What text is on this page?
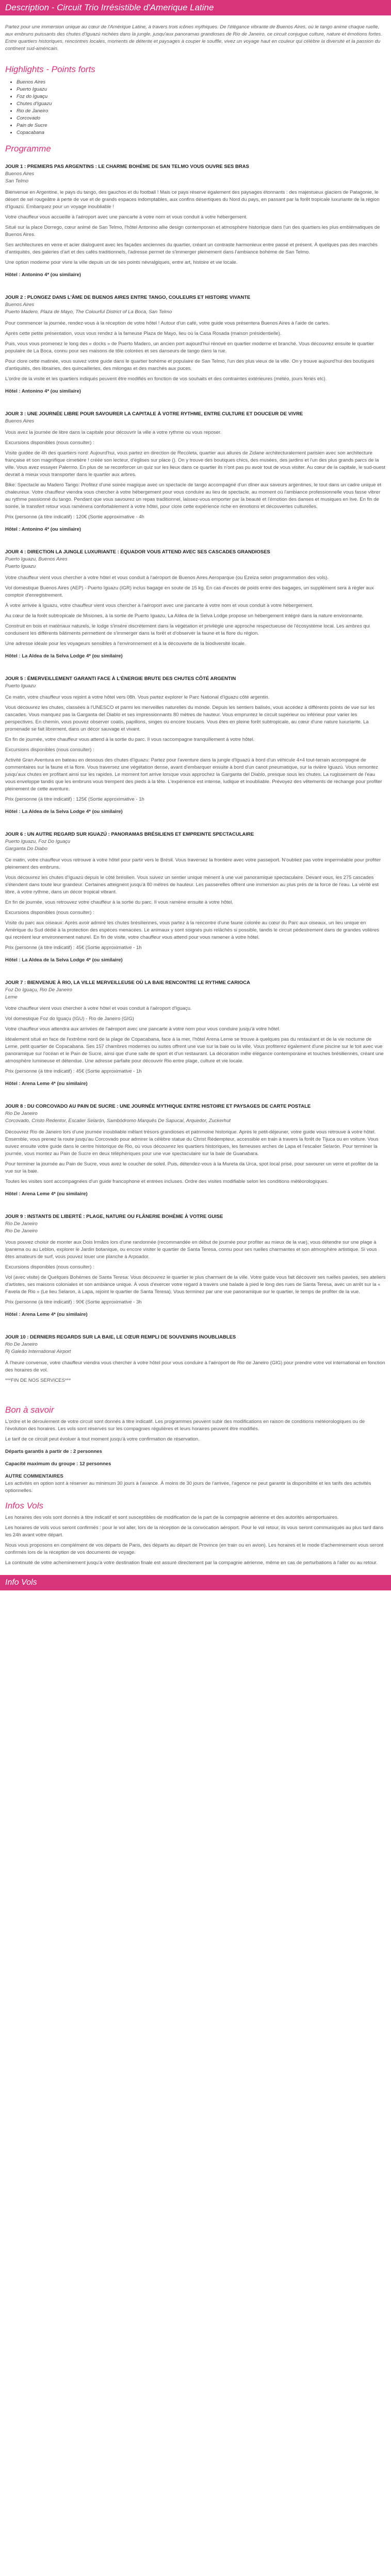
Description - Circuit Trio Irrésistible d'Amerique Latine

Partez pour une immersion unique au cœur de l'Amérique Latine, à travers trois icônes mythiques. De l'élégance vibrante de Buenos Aires, où le tango anime chaque ruelle, aux embruns puissants des chutes d'Iguazú nichées dans la jungle, jusqu'aux panoramas grandioses de Rio de Janeiro, ce circuit conjugue culture, nature et émotions fortes. Entre quartiers historiques, rencontres locales, moments de détente et paysages à couper le souffle, vivez un voyage haut en couleur qui célèbre la diversité et la passion du continent sud-américain.

Highlights - Points forts
• Buenos Aires
• Puerto Iguazu
• Foz do Iguaçu
• Chutes d'Iguazu
• Rio de Janeiro
• Corcovado
• Pain de Sucre
• Copacabana
Programme
JOUR 1 : PREMIERS PAS ARGENTINS : LE CHARME BOHÈME DE SAN TELMO VOUS OUVRE SES BRAS

Buenos Aires

San Telmo

Bienvenue en Argentine, le pays du tango, des gauchos et du football ! Mais ce pays réserve également des paysages étonnants : des majestueux glaciers de Patagonie, le désert de sel rougeâtre à perte de vue et de grands espaces indomptables, aux confins désertiques du Nord du pays, en passant par la forêt tropicale luxuriante de la région d'Iguazú. Embarquez pour un voyage inoubliable !

Votre chauffeur vous accueille à l'aéroport avec une pancarte à votre nom et vous conduit à votre hébergement.

Situé sur la place Dorrego, cœur animé de San Telmo, l'hôtel Antonino allie design contemporain et atmosphère historique dans l'un des quartiers les plus emblématiques de Buenos Aires.

Ses architectures en verre et acier dialoguent avec les façades anciennes du quartier, créant un contraste harmonieux entre passé et présent. À quelques pas des marchés d'antiquités, des galeries d'art et des cafés traditionnels, l'adresse permet de s'immerger pleinement dans l'ambiance bohème de San Telmo.

Une option moderne pour vivre la ville depuis un de ses points névralgiques, entre art, histoire et vie locale.

Hôtel : Antonino 4* (ou similaire)
JOUR 2 : PLONGEZ DANS L'ÂME DE BUENOS AIRES ENTRE TANGO, COULEURS ET HISTOIRE VIVANTE

Buenos Aires

Puerto Madero, Plaza de Mayo, The Colourful District of La Boca, San Telmo

Pour commencer la journée, rendez-vous à la réception de votre hôtel ! Autour d'un café, votre guide vous présentera Buenos Aires à l'aide de cartes.

Après cette petite présentation, vous vous rendez à la fameuse Plaza de Mayo, lieu où la Casa Rosada (maison présidentielle).

Puis, vous vous promenez le long des « docks » de Puerto Madero, un ancien port aujourd'hui rénové en quartier moderne et branché. Vous découvrez ensuite le quartier populaire de La Boca, connu pour ses maisons de tôle colorées et ses danseurs de tango dans la rue.

Pour clore cette matinée, vous suivez votre guide dans le quartier bohème et populaire de San Telmo, l'un des plus vieux de la ville. On y trouve aujourd'hui des boutiques d'antiquités, des librairies, des quincailleries, des milongas et des marchés aux puces.

L'ordre de la visite et les quartiers indiqués peuvent être modifiés en fonction de vos souhaits et des contraintes extérieures (météo, jours fériés etc).

Hôtel : Antonino 4* (ou similaire)
JOUR 3 : UNE JOURNÉE LIBRE POUR SAVOURER LA CAPITALE À VOTRE RYTHME, ENTRE CULTURE ET DOUCEUR DE VIVRE

Buenos Aires

Vous avez la journée de libre dans la capitale pour découvrir la ville à votre rythme ou vous reposer.

Excursions disponibles (nous consulter) :

Visite guidée de 4h des quartiers nord: Aujourd'hui, vous partez en direction de Recoleta, quartier aux allures de Zidane architecturalement parisien avec son architecture française et son magnifique cimetière ! créée son lecteur, d'églises sur place (). On y trouve des boutiques chics, des musées, des jardins et l'un des plus grands parcs de la ville. Vous avez essayer Palermo. En plus de se reconforcer un quiz sur les lieux dans ce quartier ils n'ont pas pu avoir tout de vous visiter. Au cœur de la capitale, le sud-ouest devrait à mieux vous transporter dans le quartier aux arbres.

Bike: Spectacle au Madero Tango: Profitez d'une soirée magique avec un spectacle de tango accompagné d'un dîner aux saveurs argentines, le tout dans un cadre unique et chaleureux. Votre chauffeur viendra vous chercher à votre hébergement pour vous conduire au lieu de spectacle, au moment où l'ambiance professionnelle vous fasse vibrer au rythme passionné du tango. Pendant que vous savourez un repas traditionnel, laissez-vous emporter par la beauté et l'émotion des danses et musiques en live. En fin de soirée, le transfert retour vous ramènera confortablement à votre hôtel, pour clore cette expérience riche en émotions et découvertes culturelles.

Prix (personne (à titre indicatif) : 120€ (Sortie approximative - 4h

Hôtel : Antonino 4* (ou similaire)
JOUR 4 : DIRECTION LA JUNGLE LUXURIANTE : ÉQUADOR VOUS ATTEND AVEC SES CASCADES GRANDIOSES

Puerto Iguazu, Buenos Aires

Puerto Iguazu

Votre chauffeur vient vous chercher à votre hôtel et vous conduit à l'aéroport de Buenos Aires Aeroparque (ou Ezeiza selon programmation des vols).

Vol domestique Buenos Aires (AEP) - Puerto Iguazu (IGR) inclus bagage en soute de 15 kg. En cas d'excès de poids entre des bagages, un supplément sera à régler aux comptoir d'enregistrement.

À votre arrivée à Iguazu, votre chauffeur vient vous chercher à l'aéroport avec une pancarte à votre nom et vous conduit à votre hébergement.

Au cœur de la forêt subtropicale de Misiones, à la sortie de Puerto Iguazu, La Aldea de la Selva Lodge propose un hébergement intégré dans la nature environnante.

Construit en bois et matériaux naturels, le lodge s'insère discrètement dans la végétation et privilégie une approche respectueuse de l'écosystème local. Les ambres qui conduisent les différents bâtiments permettent de s'immerger dans la forêt et d'observer la faune et la flore du région.

Une adresse idéale pour les voyageurs sensibles à l'environnement et à la découverte de la biodiversité locale.

Hôtel : La Aldea de la Selva Lodge 4* (ou similaire)
JOUR 5 : ÉMERVEILLEMENT GARANTI FACE À L'ÉNERGIE BRUTE DES CHUTES CÔTÉ ARGENTIN

Puerto Iguazu

Ce matin, votre chauffeur vous rejoint à votre hôtel vers 08h. Vous partez explorer le Parc National d'Iguazu côté argentin.

Vous découvrez les chutes, classées à l'UNESCO et parmi les merveilles naturelles du monde. Depuis les sentiers balisés, vous accédez à différents points de vue sur les cascades. Vous manquez pas la Garganta del Diablo et ses impressionnants 80 mètres de hauteur. Vous empruntez le circuit supérieur ou inférieur pour varier les perspectives. En chemin, vous pouvez observer coatis, papillons, singes ou encore toucans. Vous êtes en pleine forêt subtropicale, au cœur d'une nature luxuriante. La promenade se fait librement, dans un décor sauvage et vivant.

En fin de journée, votre chauffeur vous attend à la sortie du parc. Il vous raccompagne tranquillement à votre hôtel.

Excursions disponibles (nous consulter) :

Activité Gran Aventura en bateau en dessous des chutes d'Iguazu: Partez pour l'aventure dans la jungle d'Iguazú à bord d'un véhicule 4×4 tout-terrain accompagné de commentaires sur la faune et la flore. Vous traversez une végétation dense, avant d'embarquer ensuite à bord d'un canot pneumatique, sur la rivière Iguazú. Vous remontez jusqu'aux chutes en profitant ainsi sur les rapides. Le moment fort arrive lorsque vous approchez la Garganta del Diablo, presque sous les chutes. La rugissement de l'eau vous enveloppe tandis que les embruns vous trempent des pieds à la tête. L'expérience est intense, ludique et inoubliable. Prévoyez des vêtements de rechange pour profiter pleinement de cette aventure.

Prix (personne (à titre indicatif) : 125€ (Sortie approximative - 1h

Hôtel : La Aldea de la Selva Lodge 4* (ou similaire)
JOUR 6 : UN AUTRE REGARD SUR IGUAZÚ : PANORAMAS BRÉSILIENS ET EMPREINTE SPECTACULAIRE

Puerto Iguazu, Foz Do Iguaçu

Garganta Do Diabo

Ce matin, votre chauffeur vous retrouve à votre hôtel pour partir vers le Brésil. Vous traversez la frontière avec votre passeport. N'oubliez pas votre imperméable pour profiter pleinement des embruns.

Vous découvrez les chutes d'Iguazú depuis le côté brésilien. Vous suivez un sentier unique mènent à une vue panoramique spectaculaire. Devant vous, les 275 cascades s'étendent dans toute leur grandeur. Certaines atteignent jusqu'à 80 mètres de hauteur. Les passerelles offrent une immersion au plus près de la force de l'eau. La vérité est libre, à votre rythme, dans un décor tropical vibrant.

En fin de journée, vous retrouvez votre chauffeur à la sortie du parc. Il vous ramène ensuite à votre hôtel.

Excursions disponibles (nous consulter) :

Visite du parc aux oiseaux: Après avoir admiré les chutes brésiliennes, vous partez à la rencontre d'une faune colorée au cœur du Parc aux oiseaux, un lieu unique en Amérique du Sud dédié à la protection des espèces menacées. Le animaux y sont soignés puis relâchés si possible, tandis le circuit pédestrement dans de grandes volières qui recréent leur environnement naturel. En fin de visite, votre chauffeur vous attend pour vous ramener à votre hôtel.

Prix (personne (à titre indicatif) : 45€ (Sortie approximative - 1h

Hôtel : La Aldea de la Selva Lodge 4* (ou similaire)
JOUR 7 : BIENVENUE À RIO, LA VILLE MERVEILLEUSE OÙ LA BAIE RENCONTRE LE RYTHME CARIOCA

Foz Do Iguaçu, Rio De Janeiro

Leme

Votre chauffeur vient vous chercher à votre hôtel et vous conduit à l'aéroport d'Iguaçu.

Vol domestique Foz do Iguaçu (IGU) - Rio de Janeiro (GIG)

Votre chauffeur vous attendra aux arrivées de l'aéroport avec une pancarte à votre nom pour vous conduire jusqu'à votre hôtel.

Idéalement situé en face de l'extrême nord de la plage de Copacabana, face à la mer, l'hôtel Arena Leme se trouve à quelques pas du restaurant et de la vie nocturne de Leme, petit quartier de Copacabana. Ses 157 chambres modernes ou suites offrent une vue sur la baie ou la ville. Vous profiterez également d'une piscine sur le toit avec vue panoramique sur l'océan et le Pain de Sucre, ainsi que d'une salle de sport et d'un restaurant. La décoration mêle élégance contemporaine et touches brésiliennes, créant une atmosphère lumineuse et détendue. Une adresse parfaite pour découvrir Rio entre plage, culture et vie locale.

Prix (personne (à titre indicatif) : 45€ (Sortie approximative - 1h

Hôtel : Arena Leme 4* (ou similaire)
JOUR 8 : DU CORCOVADO AU PAIN DE SUCRE : UNE JOURNÉE MYTHIQUE ENTRE HISTOIRE ET PAYSAGES DE CARTE POSTALE

Rio De Janeiro

Corcovado, Cristo Redentor, Escalier Selarón, Sambódromo Marquês De Sapucaí, Arquedor, Zuckerhut

Découvrez Rio de Janeiro lors d'une journée inoubliable mêlant trésors grandioses et patrimoine historique. Après le petit-déjeuner, votre guide vous retrouve à votre hôtel. Ensemble, vous prenez la route jusqu'au Corcovado pour admirer la célèbre statue du Christ Rédempteur, accessible en train à travers la forêt de Tijuca ou en voiture. Vous suivez ensuite votre guide dans le centre historique de Rio, où vous découvrez les quartiers historiques, les fameuses arches de Lapa et l'escalier Selarón. Pour terminer la journée, vous montez au Pain de Sucre en deux téléphériques pour une vue spectaculaire sur la baie de Guanabara.

Pour terminer la journée au Pain de Sucre, vous avez le coucher de soleil. Puis, détendez-vous à la Mureta da Urca, spot local prisé, pour savourer un verre et profiter de la vue sur la baie.

Toutes les visites sont accompagnées d'un guide francophone et entrées incluses. Ordre des visites modifiable selon les conditions météorologiques.

Hôtel : Arena Leme 4* (ou similaire)
JOUR 9 : INSTANTS DE LIBERTÉ : PLAGE, NATURE OU FLÂNERIE BOHÈME À VOTRE GUISE

Rio De Janeiro

Rio De Janeiro

Vous pouvez choisir de monter aux Dois Irmãos lors d'une randonnée (recommandée en début de journée pour profiter au mieux de la vue), vous détendre sur une plage à Ipanema ou au Leblon, explorer le Jardin botanique, ou encore visiter le quartier de Santa Teresa, connu pour ses ruelles charmantes et son atmosphère artistique. Si vous êtes amateurs de surf, vous pouvez louer une planche à Arpoador.

Excursions disponibles (nous consulter) :

Vol (avec visite) de Quelques Bohèmes de Santa Teresa: Vous découvrez le quartier le plus charmant de la ville. Votre guide vous fait découvrir ses ruelles pavées, ses ateliers d'artistes, ses maisons coloniales et son ambiance unique. À vous d'exercer votre regard à travers une balade à pied le long des rues de Santa Teresa, avec un arrêt sur la « Favela de Rio » (Le lieu Selaron, à Lapa, rejoint le quartier de Santa Teresa). Vous terminez par une vue panoramique sur le quartier, le temps de profiter de la vue.

Prix (personne (à titre indicatif) : 90€ (Sortie approximative - 3h

Hôtel : Arena Leme 4* (ou similaire)
JOUR 10 : DERNIERS REGARDS SUR LA BAIE, LE CŒUR REMPLI DE SOUVENIRS INOUBLIABLES

Rio De Janeiro

Rj Galeão International Airport

À l'heure convenue, votre chauffeur viendra vous chercher à votre hôtel pour vous conduire à l'aéroport de Rio de Janeiro (GIG) pour prendre votre vol international en fonction des horaires de vol.

***FIN DE NOS SERVICES***

Bon à savoir

L'ordre et le déroulement de votre circuit sont donnés à titre indicatif. Les programmes peuvent subir des modifications en raison de conditions météorologiques ou de l'évolution des horaires. Les vols sont réservés sur les compagnies régulières et leurs horaires peuvent être modifiés.

Le tarif de ce circuit peut évoluer à tout moment jusqu'à votre confirmation de réservation.

Départs garantis à partir de : 2 personnes
Capacité maximum du groupe : 12 personnes
AUTRE COMMENTAIRES

Les activités en option sont à réserver au minimum 30 jours à l'avance. À moins de 30 jours de l'arrivée, l'agence ne peut garantir la disponibilité et les tarifs des activités optionnelles.

Infos Vols

Les horaires des vols sont donnés à titre indicatif et sont susceptibles de modification de la part de la compagnie aérienne et des autorités aéroportuaires.

Les horaires de vols vous seront confirmés : pour le vol aller, lors de la réception de la convocation aéroport. Pour le vol retour, ils vous seront communiqués au plus tard dans les 24h avant votre départ.

Nous vous proposons en complément de vos départs de Paris, des départs au départ de Province (en train ou en avion). Les horaires et le mode d'acheminement vous seront confirmés lors de la réception de vos documents de voyage.

La continuité de votre acheminement jusqu'à votre destination finale est assuré directement par la compagnie aérienne, même en cas de perturbations à l'aller ou au retour.

Info Vols
